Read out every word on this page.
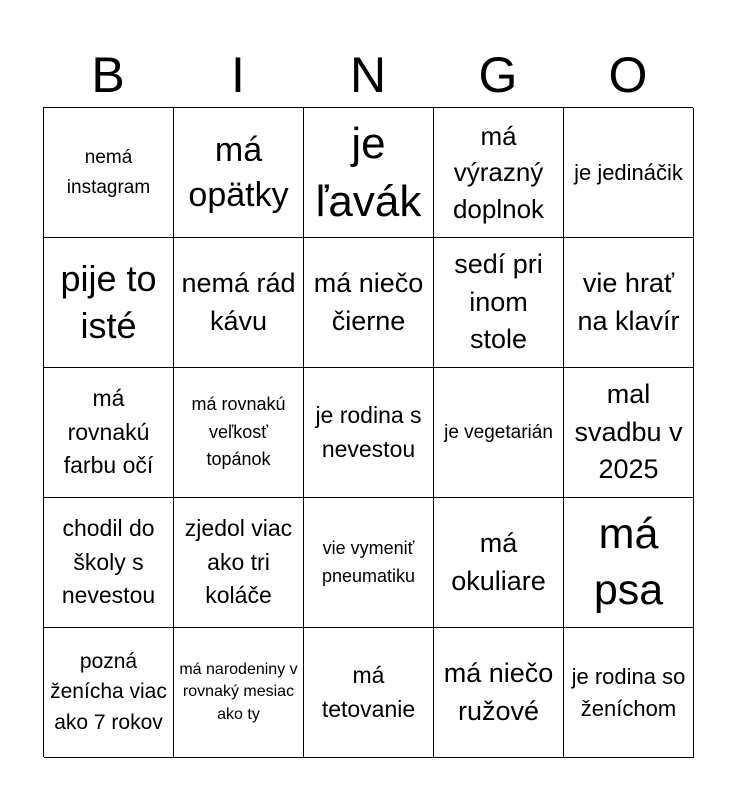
B	I	N	G	O
nemá instagram
má opätky
je ľavák
má výrazný doplnok
je jedináčik
pije to isté
nemá rád kávu
má niečo čierne
sedí pri inom stole
vie hrať na klavír
má rovnakú farbu očí
má rovnakú veľkosť topánok
je rodina s nevestou
je vegetarián
mal svadbu v 2025
chodil do školy s nevestou
zjedol viac ako tri koláče
vie vymeniť pneumatiku
má okuliare
má psa
pozná ženícha viac ako 7 rokov
má narodeniny v rovnaký mesiac ako ty
má tetovanie
má niečo ružové
je rodina so ženíchom
